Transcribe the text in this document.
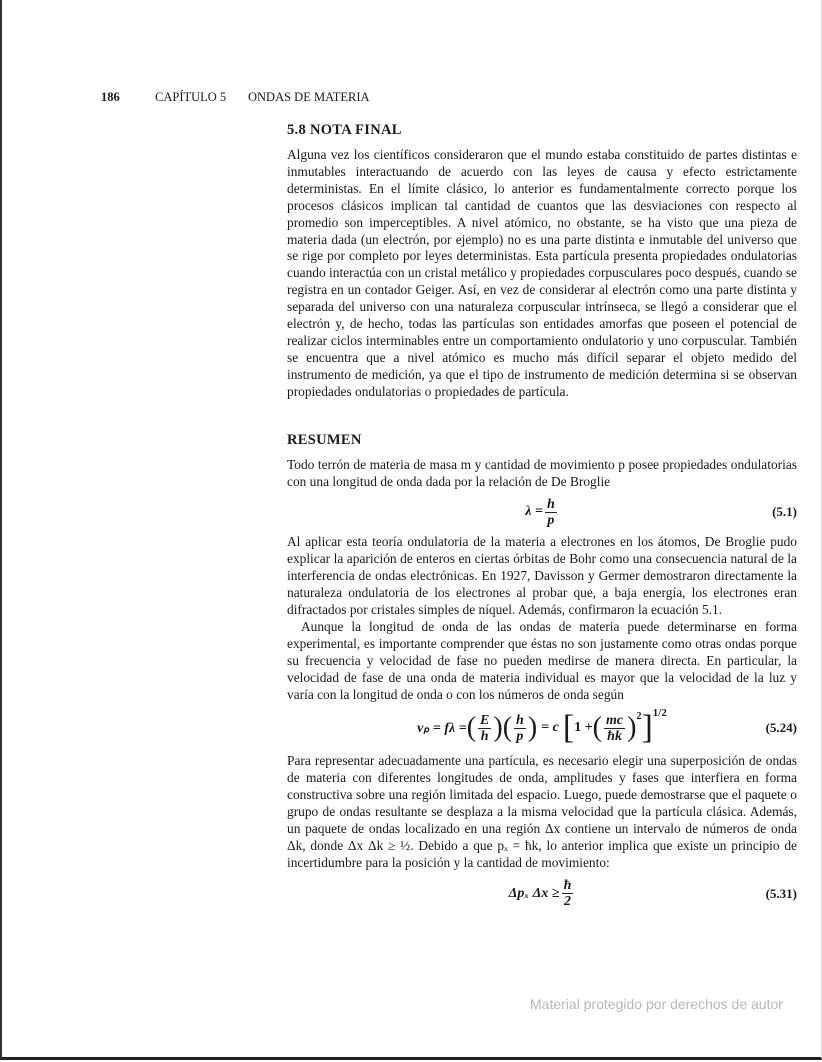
186	CAPÍTULO 5 ONDAS DE MATERIA
5.8 NOTA FINAL

Alguna vez los científicos consideraron que el mundo estaba constituido de partes distintas e inmutables interactuando de acuerdo con las leyes de causa y efecto estrictamente deterministas. En el límite clásico, lo anterior es fundamentalmente correcto porque los procesos clásicos implican tal cantidad de cuantos que las desviaciones con respecto al promedio son imperceptibles. A nivel atómico, no obstante, se ha visto que una pieza de materia dada (un electrón, por ejemplo) no es una parte distinta e inmutable del universo que se rige por completo por leyes deterministas. Esta partícula presenta propiedades ondulatorias cuando interactúa con un cristal metálico y propiedades corpusculares poco después, cuando se registra en un contador Geiger. Así, en vez de considerar al electrón como una parte distinta y separada del universo con una naturaleza corpuscular intrínseca, se llegó a considerar que el electrón y, de hecho, todas las partículas son entidades amorfas que poseen el potencial de realizar ciclos interminables entre un comportamiento ondulatorio y uno corpuscular. También se encuentra que a nivel atómico es mucho más difícil separar el objeto medido del instrumento de medición, ya que el tipo de instrumento de medición determina si se observan propiedades ondulatorias o propiedades de partícula.

RESUMEN

Todo terrón de materia de masa m y cantidad de movimiento p posee propiedades ondulatorias con una longitud de onda dada por la relación de De Broglie

$\lambda = \frac{h}{p}$	(5.1)

Al aplicar esta teoría ondulatoria de la materia a electrones en los átomos, De Broglie pudo explicar la aparición de enteros en ciertas órbitas de Bohr como una consecuencia natural de la interferencia de ondas electrónicas. En 1927, Davisson y Germer demostraron directamente la naturaleza ondulatoria de los electrones al probar que, a baja energía, los electrones eran difractados por cristales simples de níquel. Además, confirmaron la ecuación 5.1.

Aunque la longitud de onda de las ondas de materia puede determinarse en forma experimental, es importante comprender que éstas no son justamente como otras ondas porque su frecuencia y velocidad de fase no pueden medirse de manera directa. En particular, la velocidad de fase de una onda de materia individual es mayor que la velocidad de la luz y varía con la longitud de onda o con los números de onda según

vₚ = fλ = ( $\frac{E}{h}$ ) ( $\frac{h}{p}$ ) = c [ 1 + ( $\frac{mc}{ħk} )^2$ ]$^{1/2}$
(5.24)

Para representar adecuadamente una partícula, es necesario elegir una superposición de ondas de materia con diferentes longitudes de onda, amplitudes y fases que interfiera en forma constructiva sobre una región limitada del espacio. Luego, puede demostrarse que el paquete o grupo de ondas resultante se desplaza a la misma velocidad que la partícula clásica. Además, un paquete de ondas localizado en una región Δx contiene un intervalo de números de onda Δk, donde Δx Δk ≥ ½. Debido a que pₓ = ħk, lo anterior implica que existe un principio de incertidumbre para la posición y la cantidad de movimiento:

Δpₓ $\Delta x \ge \frac{ħ}{2}$	(5.31)
Material protegido por derechos de autor
